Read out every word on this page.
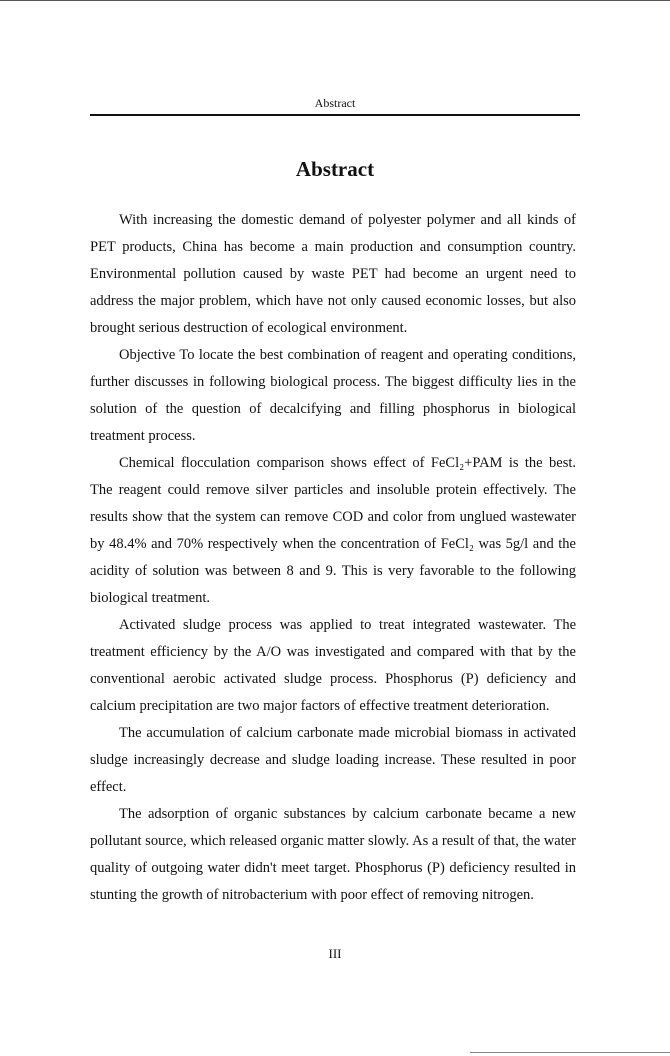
Abstract
Abstract

With increasing the domestic demand of polyester polymer and all kinds of PET products, China has become a main production and consumption country. Environmental pollution caused by waste PET had become an urgent need to address the major problem, which have not only caused economic losses, but also brought serious destruction of ecological environment.

Objective To locate the best combination of reagent and operating conditions, further discusses in following biological process. The biggest difficulty lies in the solution of the question of decalcifying and filling phosphorus in biological treatment process.

Chemical flocculation comparison shows effect of FeCl₂+PAM is the best. The reagent could remove silver particles and insoluble protein effectively. The results show that the system can remove COD and color from unglued wastewater by 48.4% and 70% respectively when the concentration of FeCl₂ was 5g/l and the acidity of solution was between 8 and 9. This is very favorable to the following biological treatment.

Activated sludge process was applied to treat integrated wastewater. The treatment efficiency by the A/O was investigated and compared with that by the conventional aerobic activated sludge process. Phosphorus (P) deficiency and calcium precipitation are two major factors of effective treatment deterioration.

The accumulation of calcium carbonate made microbial biomass in activated sludge increasingly decrease and sludge loading increase. These resulted in poor effect.

The adsorption of organic substances by calcium carbonate became a new pollutant source, which released organic matter slowly. As a result of that, the water quality of outgoing water didn't meet target. Phosphorus (P) deficiency resulted in stunting the growth of nitrobacterium with poor effect of removing nitrogen.

III
